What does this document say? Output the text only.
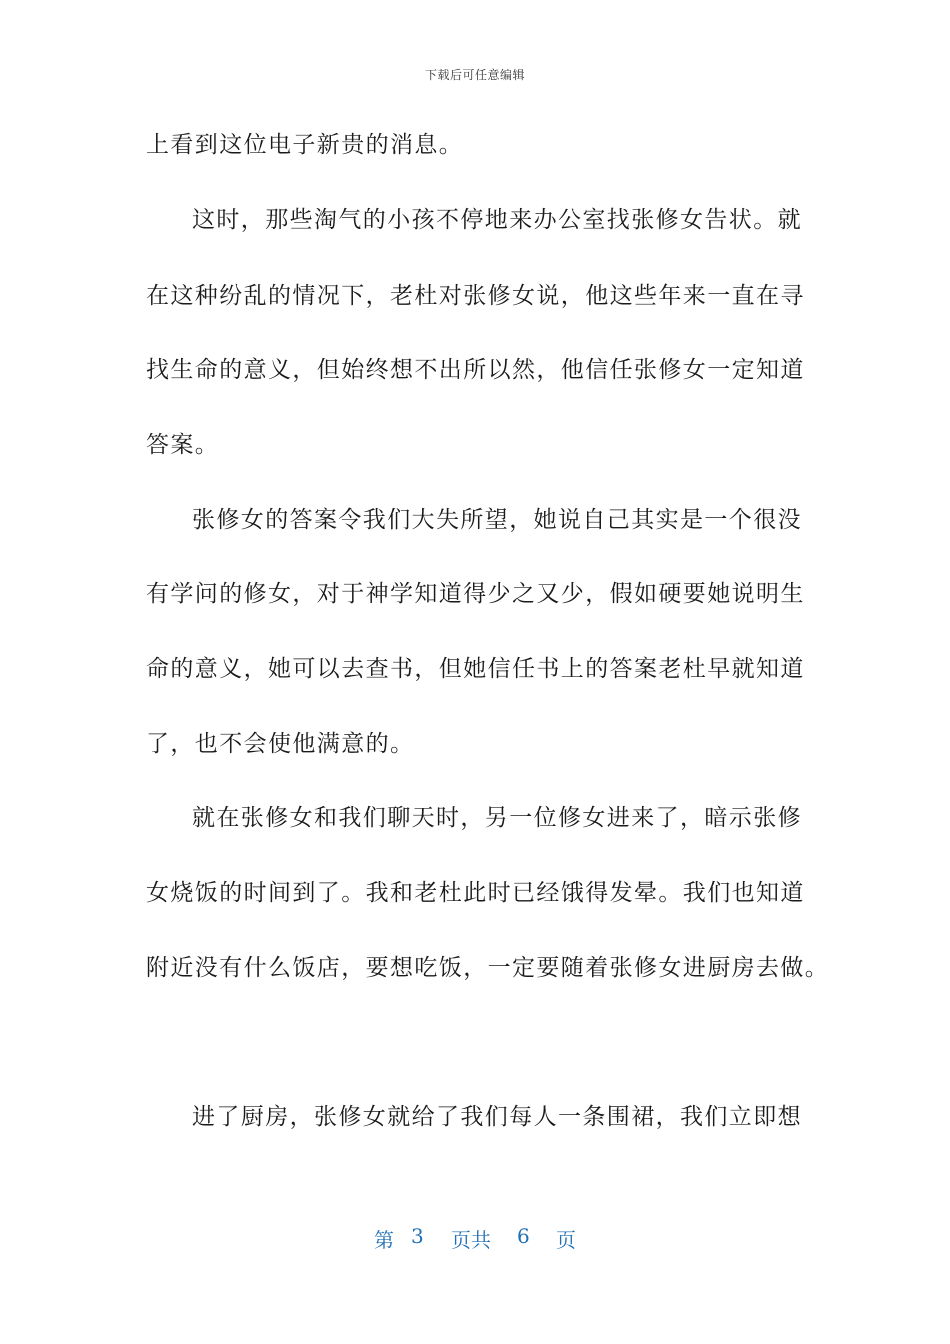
下载后可任意编辑
上看到这位电子新贵的消息。
这时，那些淘气的小孩不停地来办公室找张修女告状。就
在这种纷乱的情况下，老杜对张修女说，他这些年来一直在寻
找生命的意义，但始终想不出所以然，他信任张修女一定知道
答案。
张修女的答案令我们大失所望，她说自己其实是一个很没
有学问的修女，对于神学知道得少之又少，假如硬要她说明生
命的意义，她可以去查书，但她信任书上的答案老杜早就知道
了，也不会使他满意的。
就在张修女和我们聊天时，另一位修女进来了，暗示张修
女烧饭的时间到了。我和老杜此时已经饿得发晕。我们也知道
附近没有什么饭店，要想吃饭，一定要随着张修女进厨房去做。
进了厨房，张修女就给了我们每人一条围裙，我们立即想
第 3 页共 6 页
